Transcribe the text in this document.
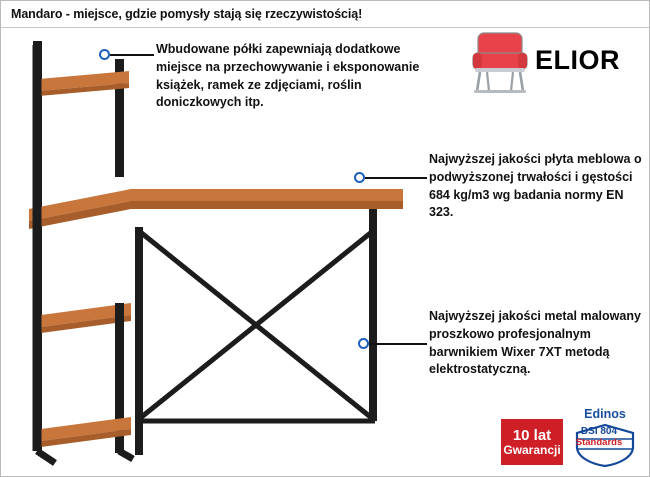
Mandaro - miejsce, gdzie pomysły stają się rzeczywistością!
ELIOR
Wbudowane półki zapewniają dodatkowe miejsce na przechowywanie i eksponowanie książek, ramek ze zdjęciami, roślin doniczkowych itp.
Najwyższej jakości płyta meblowa o podwyższonej trwałości i gęstości 684 kg/m3 wg badania normy EN 323.
Najwyższej jakości metal malowany proszkowo profesjonalnym barwnikiem Wixer 7XT metodą elektrostatyczną.
10 lat
Gwarancji
Edinos
DSI 804
Standards
